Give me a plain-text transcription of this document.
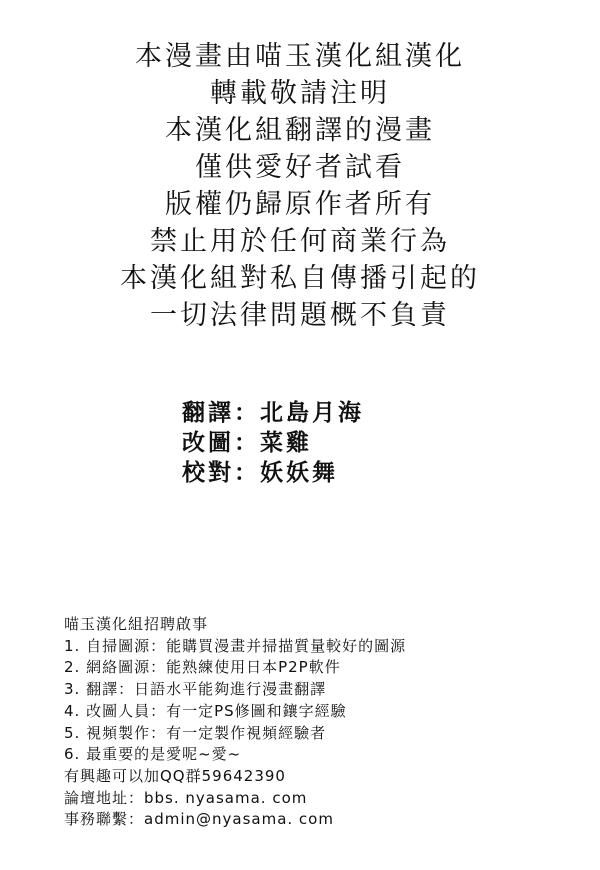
本漫畫由喵玉漢化組漢化
轉載敬請注明
本漢化組翻譯的漫畫
僅供愛好者試看
版權仍歸原作者所有
禁止用於任何商業行為
本漢化組對私自傳播引起的
一切法律問題概不負責
翻譯：北島月海
改圖：菜雞
校對：妖妖舞
喵玉漢化組招聘啟事
1. 自掃圖源：能購買漫畫并掃描質量較好的圖源
2. 網絡圖源：能熟練使用日本P2P軟件
3. 翻譯：日語水平能夠進行漫畫翻譯
4. 改圖人員：有一定PS修圖和鑲字經驗
5. 視頻製作：有一定製作視頻經驗者
6. 最重要的是愛呢~愛~
有興趣可以加QQ群59642390
論壇地址：bbs. nyasama. com
事務聯繫：admin@nyasama. com
